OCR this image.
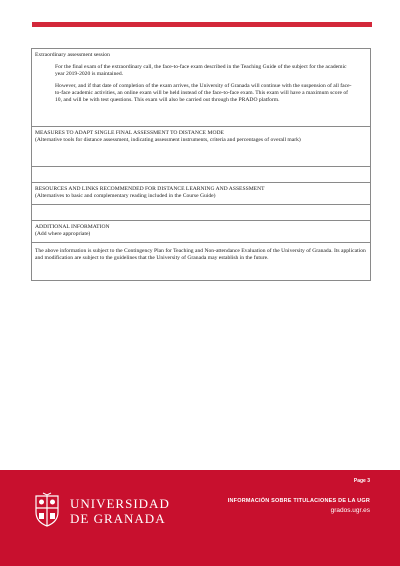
Extraordinary assessment session

For the final exam of the extraordinary call, the face-to-face exam described in the Teaching Guide of the subject for the academic year 2019-2020 is maintained.

However, and if that date of completion of the exam arrives, the University of Granada will continue with the suspension of all face-to-face academic activities, an online exam will be held instead of the face-to-face exam. This exam will have a maximum score of 10, and will be with test questions. This exam will also be carried out through the PRADO platform.

MEASURES TO ADAPT SINGLE FINAL ASSESSMENT TO DISTANCE MODE
(Alternative tools for distance assessment, indicating assessment instruments, criteria and percentages of overall mark)
RESOURCES AND LINKS RECOMMENDED FOR DISTANCE LEARNING AND ASSESSMENT
(Alternatives to basic and complementary reading included in the Course Guide)
ADDITIONAL INFORMATION
(Add where appropriate)

The above information is subject to the Contingency Plan for Teaching and Non-attendance Evaluation of the University of Granada. Its application and modification are subject to the guidelines that the University of Granada may establish in the future.

UNIVERSIDAD
DE GRANADA
Page 3
INFORMACIÓN SOBRE TITULACIONES DE LA UGR
grados.ugr.es
